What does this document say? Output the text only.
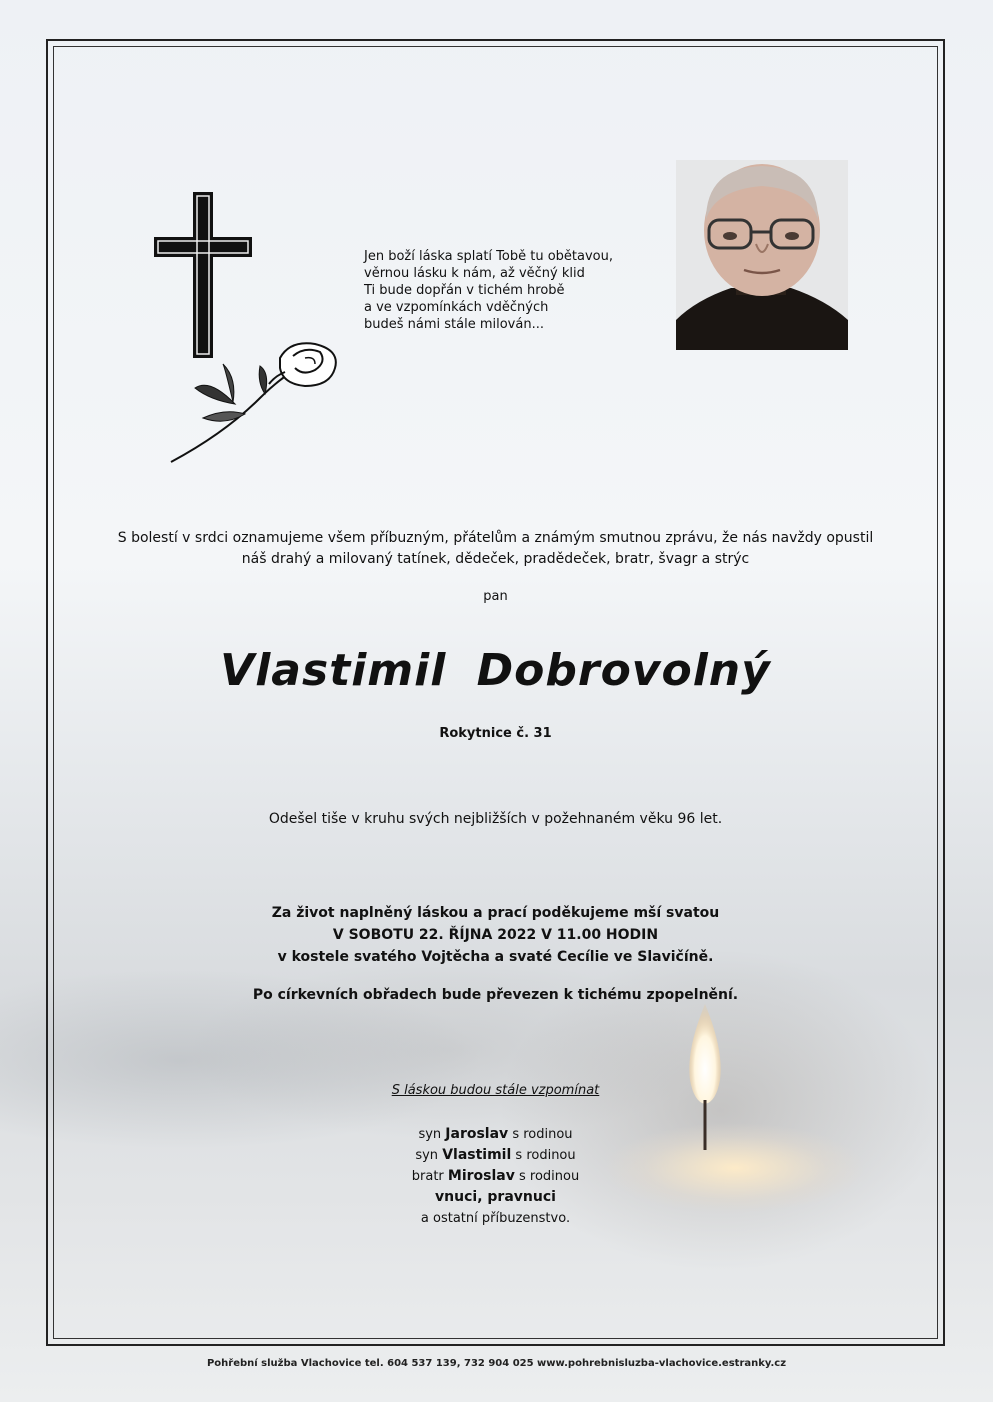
Jen boží láska splatí Tobě tu obětavou,
věrnou lásku k nám, až věčný klid
Ti bude dopřán v tichém hrobě
a ve vzpomínkách vděčných
budeš námi stále milován...
S bolestí v srdci oznamujeme všem příbuzným, přátelům a známým smutnou zprávu, že nás navždy opustil
náš drahý a milovaný tatínek, dědeček, pradědeček, bratr, švagr a strýc
pan
Vlastimil Dobrovolný
Rokytnice č. 31
Odešel tiše v kruhu svých nejbližších v požehnaném věku 96 let.
Za život naplněný láskou a prací poděkujeme mší svatou
V SOBOTU 22. ŘÍJNA 2022 V 11.00 HODIN
v kostele svatého Vojtěcha a svaté Cecílie ve Slavičíně.
Po církevních obřadech bude převezen k tichému zpopelnění.
S láskou budou stále vzpomínat
syn Jaroslav s rodinou
syn Vlastimil s rodinou
bratr Miroslav s rodinou
vnuci, pravnuci
a ostatní příbuzenstvo.
Pohřební služba Vlachovice tel. 604 537 139, 732 904 025 www.pohrebnisluzba-vlachovice.estranky.cz
